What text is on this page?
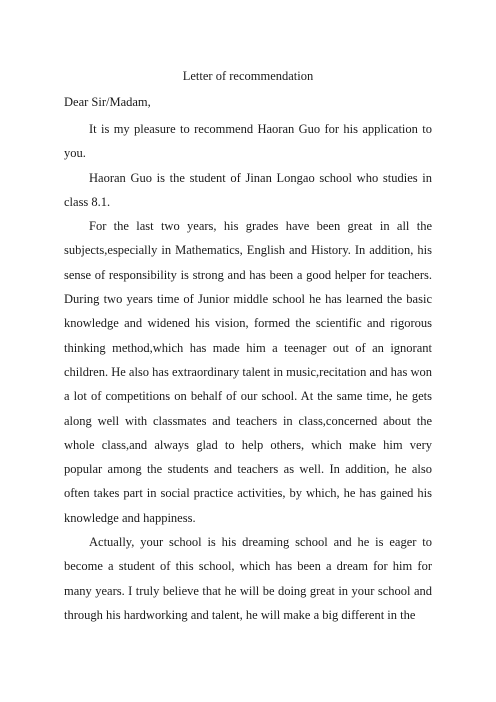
Letter of recommendation
Dear Sir/Madam,

It is my pleasure to recommend Haoran Guo for his application to you.

Haoran Guo is the student of Jinan Longao school who studies in class 8.1.

For the last two years, his grades have been great in all the subjects,especially in Mathematics, English and History. In addition, his sense of responsibility is strong and has been a good helper for teachers. During two years time of Junior middle school he has learned the basic knowledge and widened his vision, formed the scientific and rigorous thinking method,which has made him a teenager out of an ignorant children. He also has extraordinary talent in music,recitation and has won a lot of competitions on behalf of our school. At the same time, he gets along well with classmates and teachers in class,concerned about the whole class,and always glad to help others, which make him very popular among the students and teachers as well. In addition, he also often takes part in social practice activities, by which, he has gained his knowledge and happiness.

Actually, your school is his dreaming school and he is eager to become a student of this school, which has been a dream for him for many years. I truly believe that he will be doing great in your school and through his hardworking and talent, he will make a big different in the
